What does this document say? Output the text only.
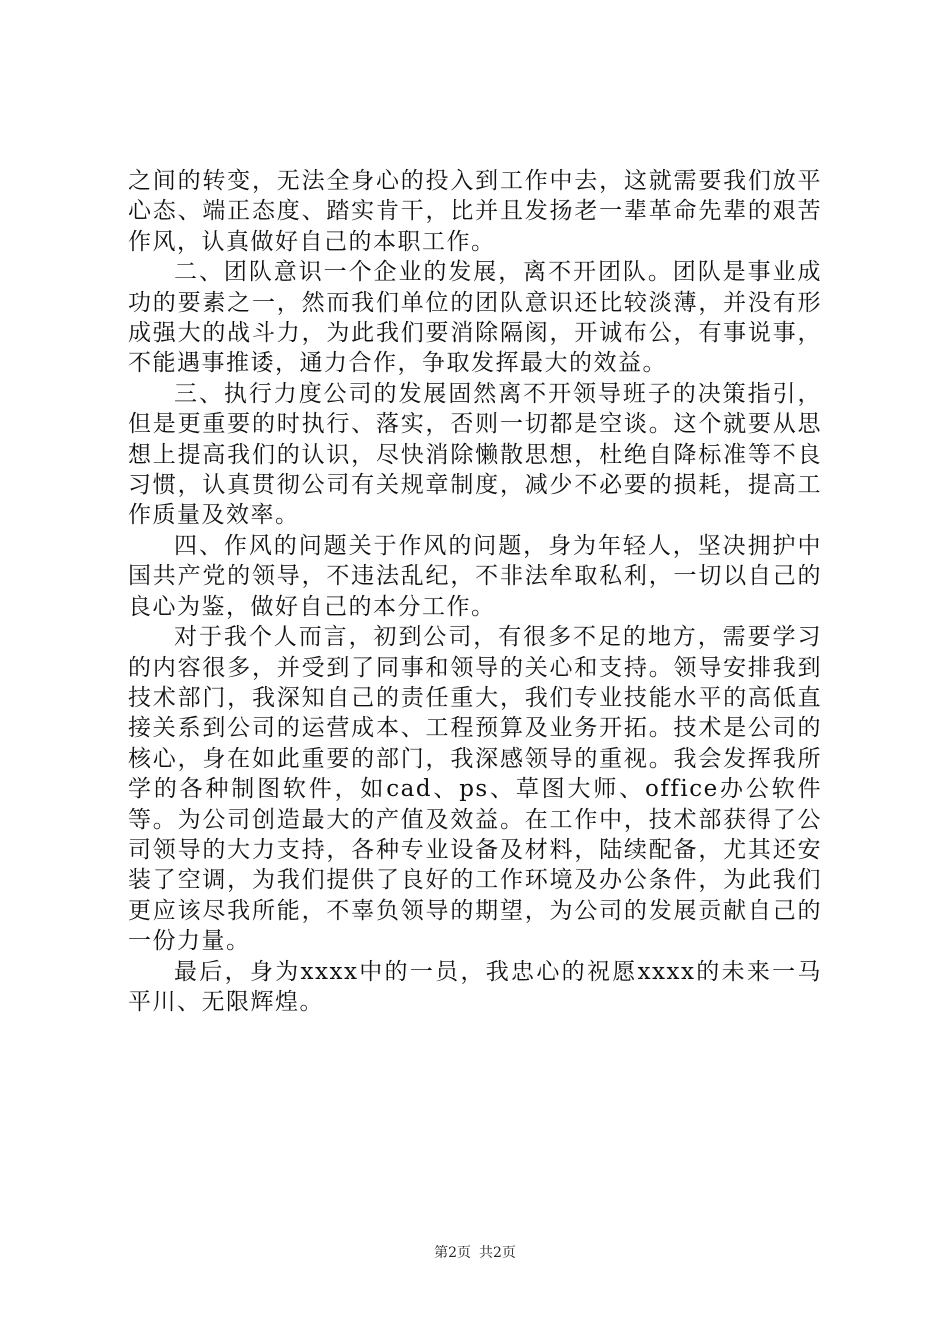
之间的转变，无法全身心的投入到工作中去，这就需要我们放平心态、端正态度、踏实肯干，比并且发扬老一辈革命先辈的艰苦作风，认真做好自己的本职工作。

二、团队意识一个企业的发展，离不开团队。团队是事业成功的要素之一，然而我们单位的团队意识还比较淡薄，并没有形成强大的战斗力，为此我们要消除隔阂，开诚布公，有事说事，不能遇事推诿，通力合作，争取发挥最大的效益。

三、执行力度公司的发展固然离不开领导班子的决策指引，但是更重要的时执行、落实，否则一切都是空谈。这个就要从思想上提高我们的认识，尽快消除懒散思想，杜绝自降标准等不良习惯，认真贯彻公司有关规章制度，减少不必要的损耗，提高工作质量及效率。

四、作风的问题关于作风的问题，身为年轻人，坚决拥护中国共产党的领导，不违法乱纪，不非法牟取私利，一切以自己的良心为鉴，做好自己的本分工作。

对于我个人而言，初到公司，有很多不足的地方，需要学习的内容很多，并受到了同事和领导的关心和支持。领导安排我到技术部门，我深知自己的责任重大，我们专业技能水平的高低直接关系到公司的运营成本、工程预算及业务开拓。技术是公司的核心，身在如此重要的部门，我深感领导的重视。我会发挥我所学的各种制图软件，如cad、ps、草图大师、office办公软件等。为公司创造最大的产值及效益。在工作中，技术部获得了公司领导的大力支持，各种专业设备及材料，陆续配备，尤其还安装了空调，为我们提供了良好的工作环境及办公条件，为此我们更应该尽我所能，不辜负领导的期望，为公司的发展贡献自己的一份力量。

最后，身为xxxx中的一员，我忠心的祝愿xxxx的未来一马平川、无限辉煌。

第2页 共2页
